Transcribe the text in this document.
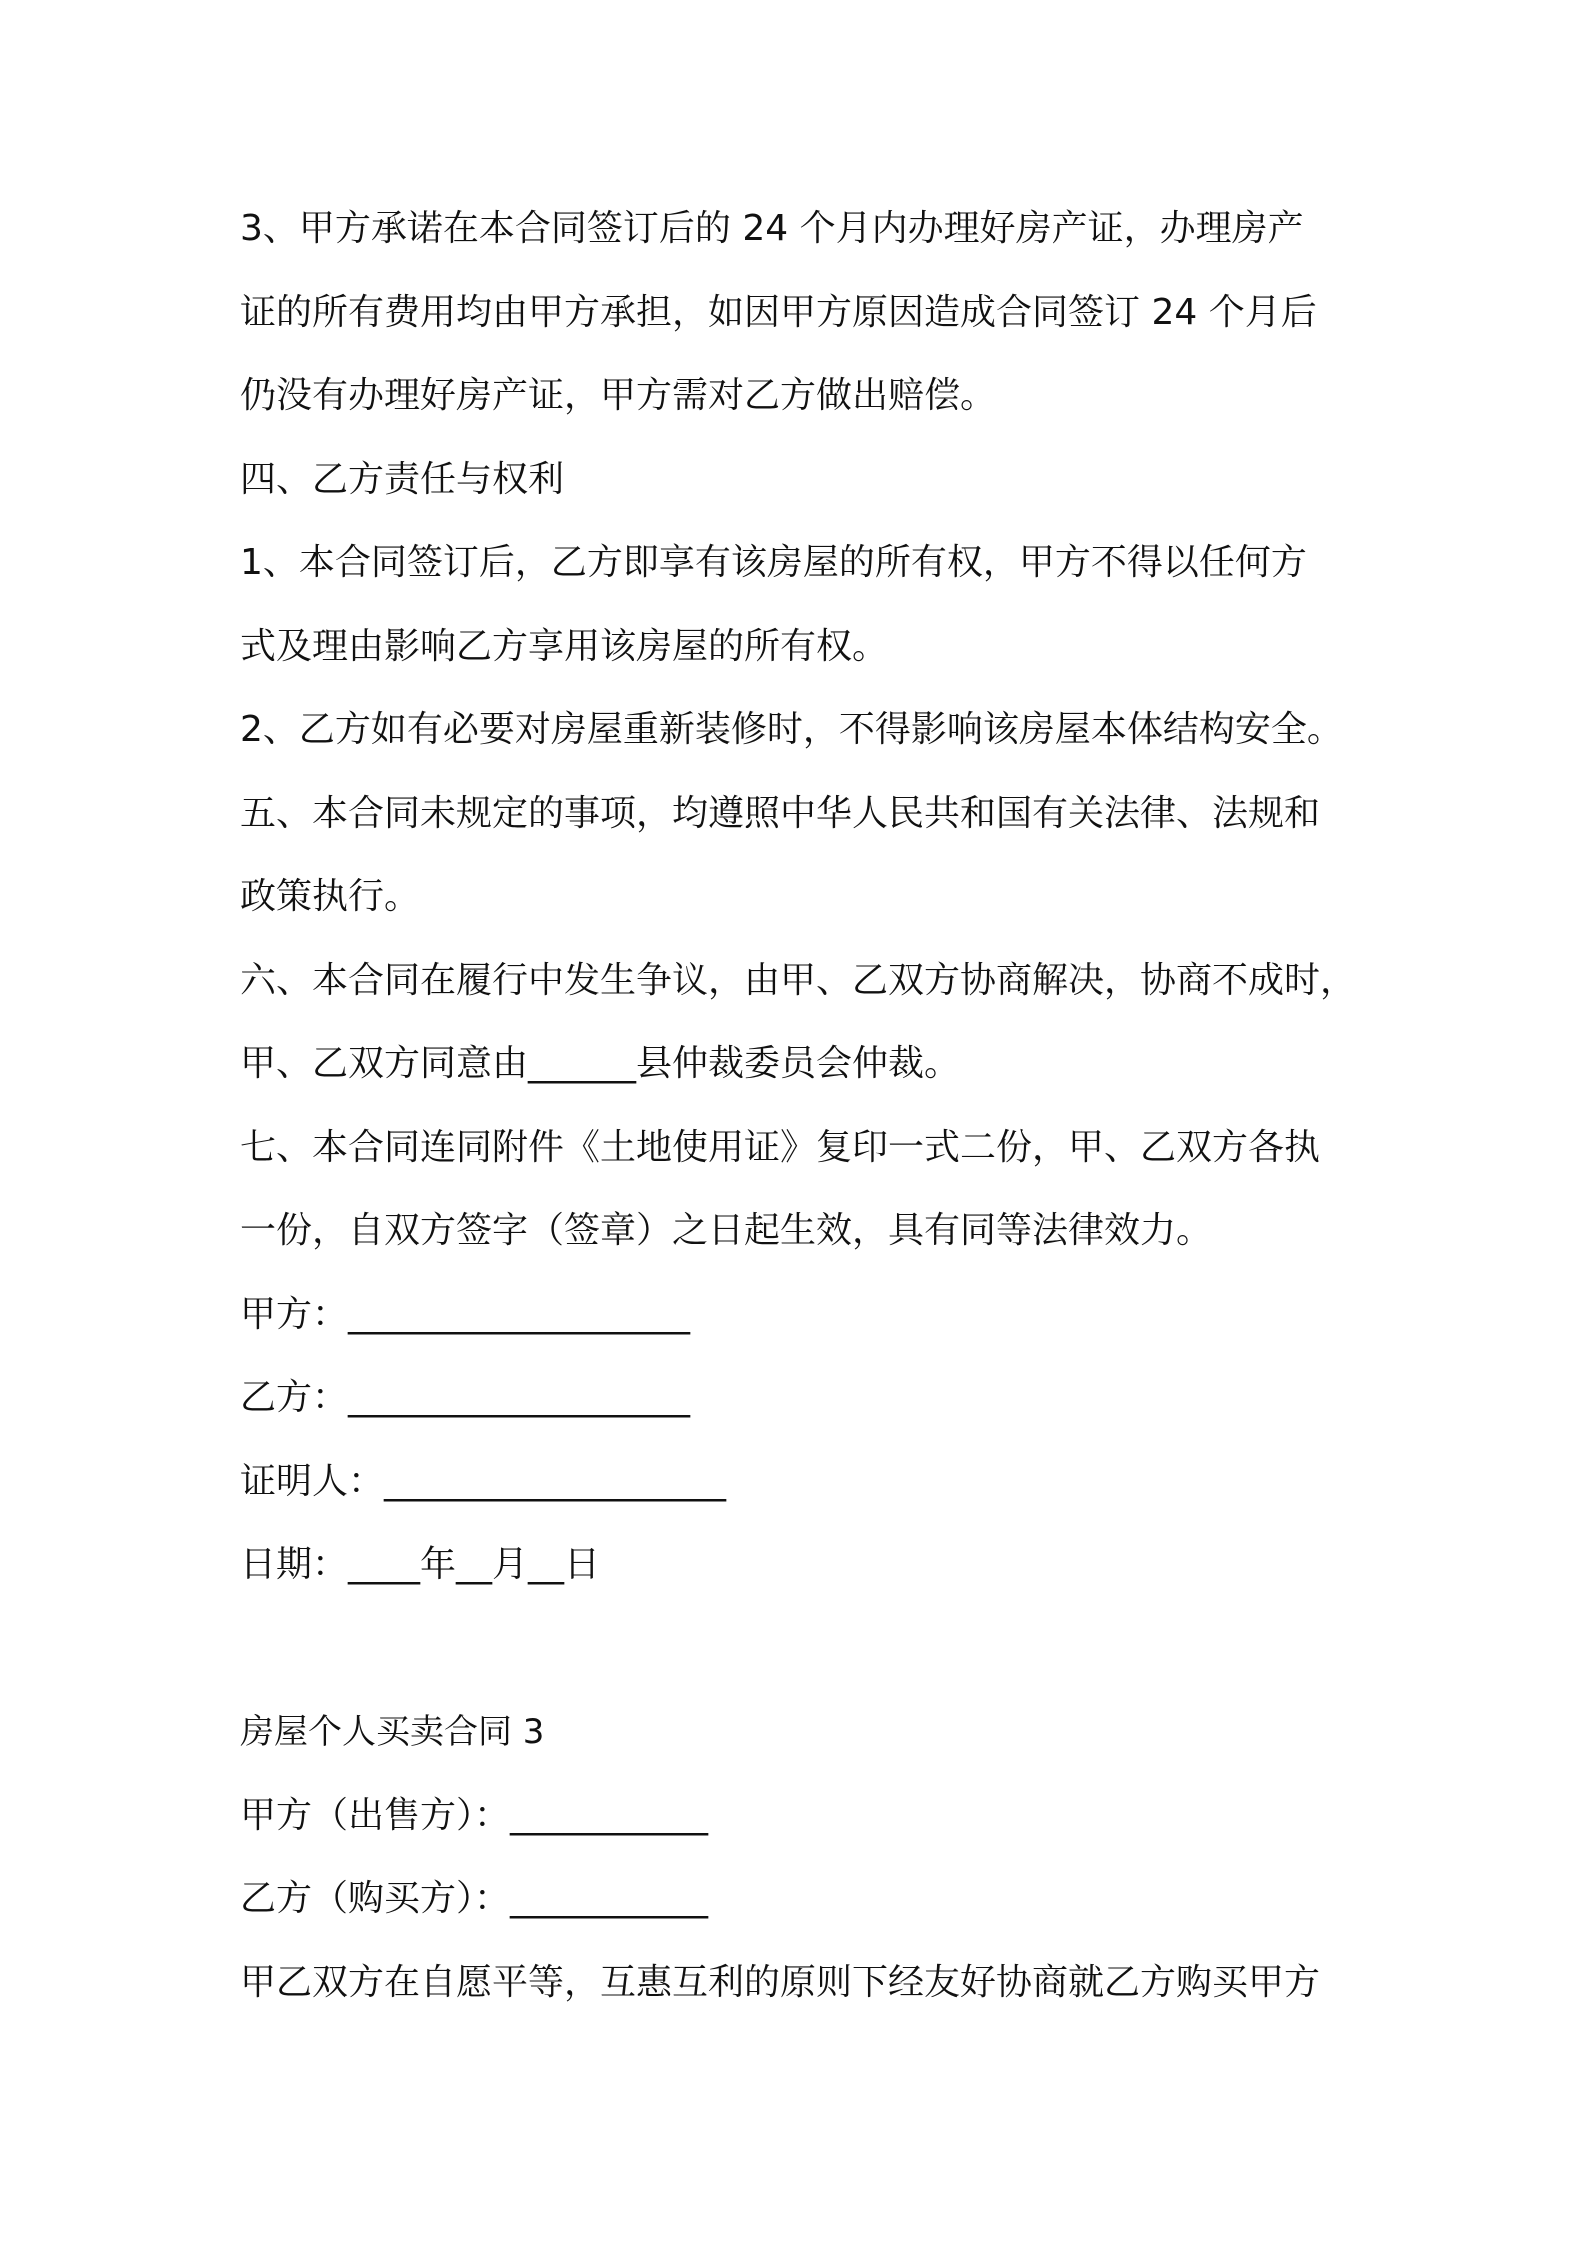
3、甲方承诺在本合同签订后的 24 个月内办理好房产证，办理房产
证的所有费用均由甲方承担，如因甲方原因造成合同签订 24 个月后
仍没有办理好房产证，甲方需对乙方做出赔偿。
四、乙方责任与权利
1、本合同签订后，乙方即享有该房屋的所有权，甲方不得以任何方
式及理由影响乙方享用该房屋的所有权。
2、乙方如有必要对房屋重新装修时，不得影响该房屋本体结构安全。
五、本合同未规定的事项，均遵照中华人民共和国有关法律、法规和
政策执行。
六、本合同在履行中发生争议，由甲、乙双方协商解决，协商不成时，
甲、乙双方同意由______县仲裁委员会仲裁。
七、本合同连同附件《土地使用证》复印一式二份，甲、乙双方各执
一份，自双方签字（签章）之日起生效，具有同等法律效力。
甲方：___________________
乙方：___________________
证明人：___________________
日期：____年__月__日
房屋个人买卖合同 3
甲方（出售方）：___________
乙方（购买方）：___________
甲乙双方在自愿平等，互惠互利的原则下经友好协商就乙方购买甲方
